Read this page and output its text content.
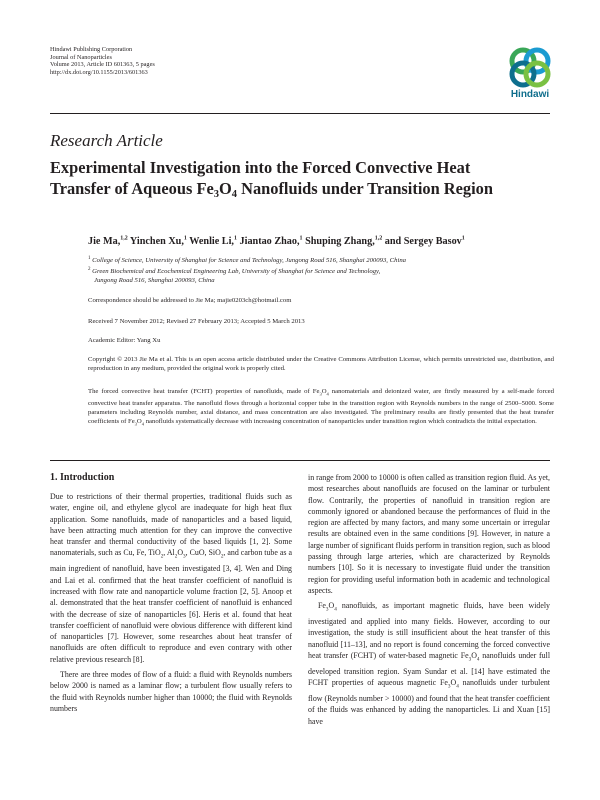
Hindawi Publishing Corporation
Journal of Nanoparticles
Volume 2013, Article ID 601363, 5 pages
http://dx.doi.org/10.1155/2013/601363
Hindawi
Research Article
Experimental Investigation into the Forced Convective Heat
Transfer of Aqueous Fe3O4 Nanofluids under Transition Region
Jie Ma,$^{1,2}$ Yinchen Xu,$^1$ Wenlie Li,$^1$ Jiantao Zhao,$^1$ Shuping Zhang,$^{1,2}$ and Sergey Basov$^1$
$^1$ College of Science, University of Shanghai for Science and Technology, Jungong Road 516, Shanghai 200093, China
$^2$ Green Biochemical and Ecochemical Engineering Lab, University of Shanghai for Science and Technology,
Jungong Road 516, Shanghai 200093, China
Correspondence should be addressed to Jie Ma; majie0203ch@hotmail.com
Received 7 November 2012; Revised 27 February 2013; Accepted 5 March 2013
Academic Editor: Yang Xu
Copyright © 2013 Jie Ma et al. This is an open access article distributed under the Creative Commons Attribution License, which permits unrestricted use, distribution, and reproduction in any medium, provided the original work is properly cited.
The forced convective heat transfer (FCHT) properties of nanofluids, made of $Fe_3O_4$ nanomaterials and deionized water, are firstly measured by a self-made forced convective heat transfer apparatus. The nanofluid flows through a horizontal copper tube in the transition region with Reynolds numbers in the range of 2500–5000. Some parameters including Reynolds number, axial distance, and mass concentration are also investigated. The preliminary results are firstly presented that the heat transfer coefficients of $Fe_3O_4$ nanofluids systematically decrease with increasing concentration of nanoparticles under transition region which contradicts the initial expectation.
1. Introduction

Due to restrictions of their thermal properties, traditional fluids such as water, engine oil, and ethylene glycol are inadequate for high heat flux application. Some nanofluids, made of nanoparticles and a based liquid, have been attracting much attention for they can improve the convective heat transfer and thermal conductivity of the based liquids [1, 2]. Some nanomaterials, such as Cu, Fe, TiO$_2$, $Al_2O_3$, CuO, SiO$_2$, and carbon tube as a main ingredient of nanofluid, have been investigated [3, 4]. Wen and Ding and Lai et al. confirmed that the heat transfer coefficient of nanofluid is increased with flow rate and nanoparticle volume fraction [2, 5]. Anoop et al. demonstrated that the heat transfer coefficient of nanofluid is enhanced with the decrease of size of nanoparticles [6]. Heris et al. found that heat transfer coefficient of nanofluid were obvious difference with different kind of nanoparticles [7]. However, some researches about heat transfer of nanofluids are often difficult to reproduce and even contrary with other relative previous research [8].

There are three modes of flow of a fluid: a fluid with Reynolds numbers below 2000 is named as a laminar flow; a turbulent flow usually refers to the fluid with Reynolds number higher than 10000; the fluid with Reynolds numbers

in range from 2000 to 10000 is often called as transition region fluid. As yet, most researches about nanofluids are focused on the laminar or turbulent flow. Contrarily, the properties of nanofluid in transition region are commonly ignored or abandoned because the performances of fluid in the region are affected by many factors, and many some uncertain or irregular results are obtained even in the same conditions [9]. However, in nature a large number of significant fluids perform in transition region, such as blood passing through large arteries, which are characterized by Reynolds numbers [10]. So it is necessary to investigate fluid under the transition region for providing useful information both in academic and technological aspects.

$Fe_3O_4$ nanofluids, as important magnetic fluids, have been widely investigated and applied into many fields. However, according to our investigation, the study is still insufficient about the heat transfer of this nanofluid [11–13], and no report is found concerning the forced convective heat transfer (FCHT) of water-based magnetic $Fe_3O_4$ nanofluids under full developed transition region. Syam Sundar et al. [14] have estimated the FCHT properties of aqueous magnetic $Fe_3O_4$ nanofluids under turbulent flow (Reynolds number > 10000) and found that the heat transfer coefficient of the fluids was enhanced by adding the nanoparticles. Li and Xuan [15] have
